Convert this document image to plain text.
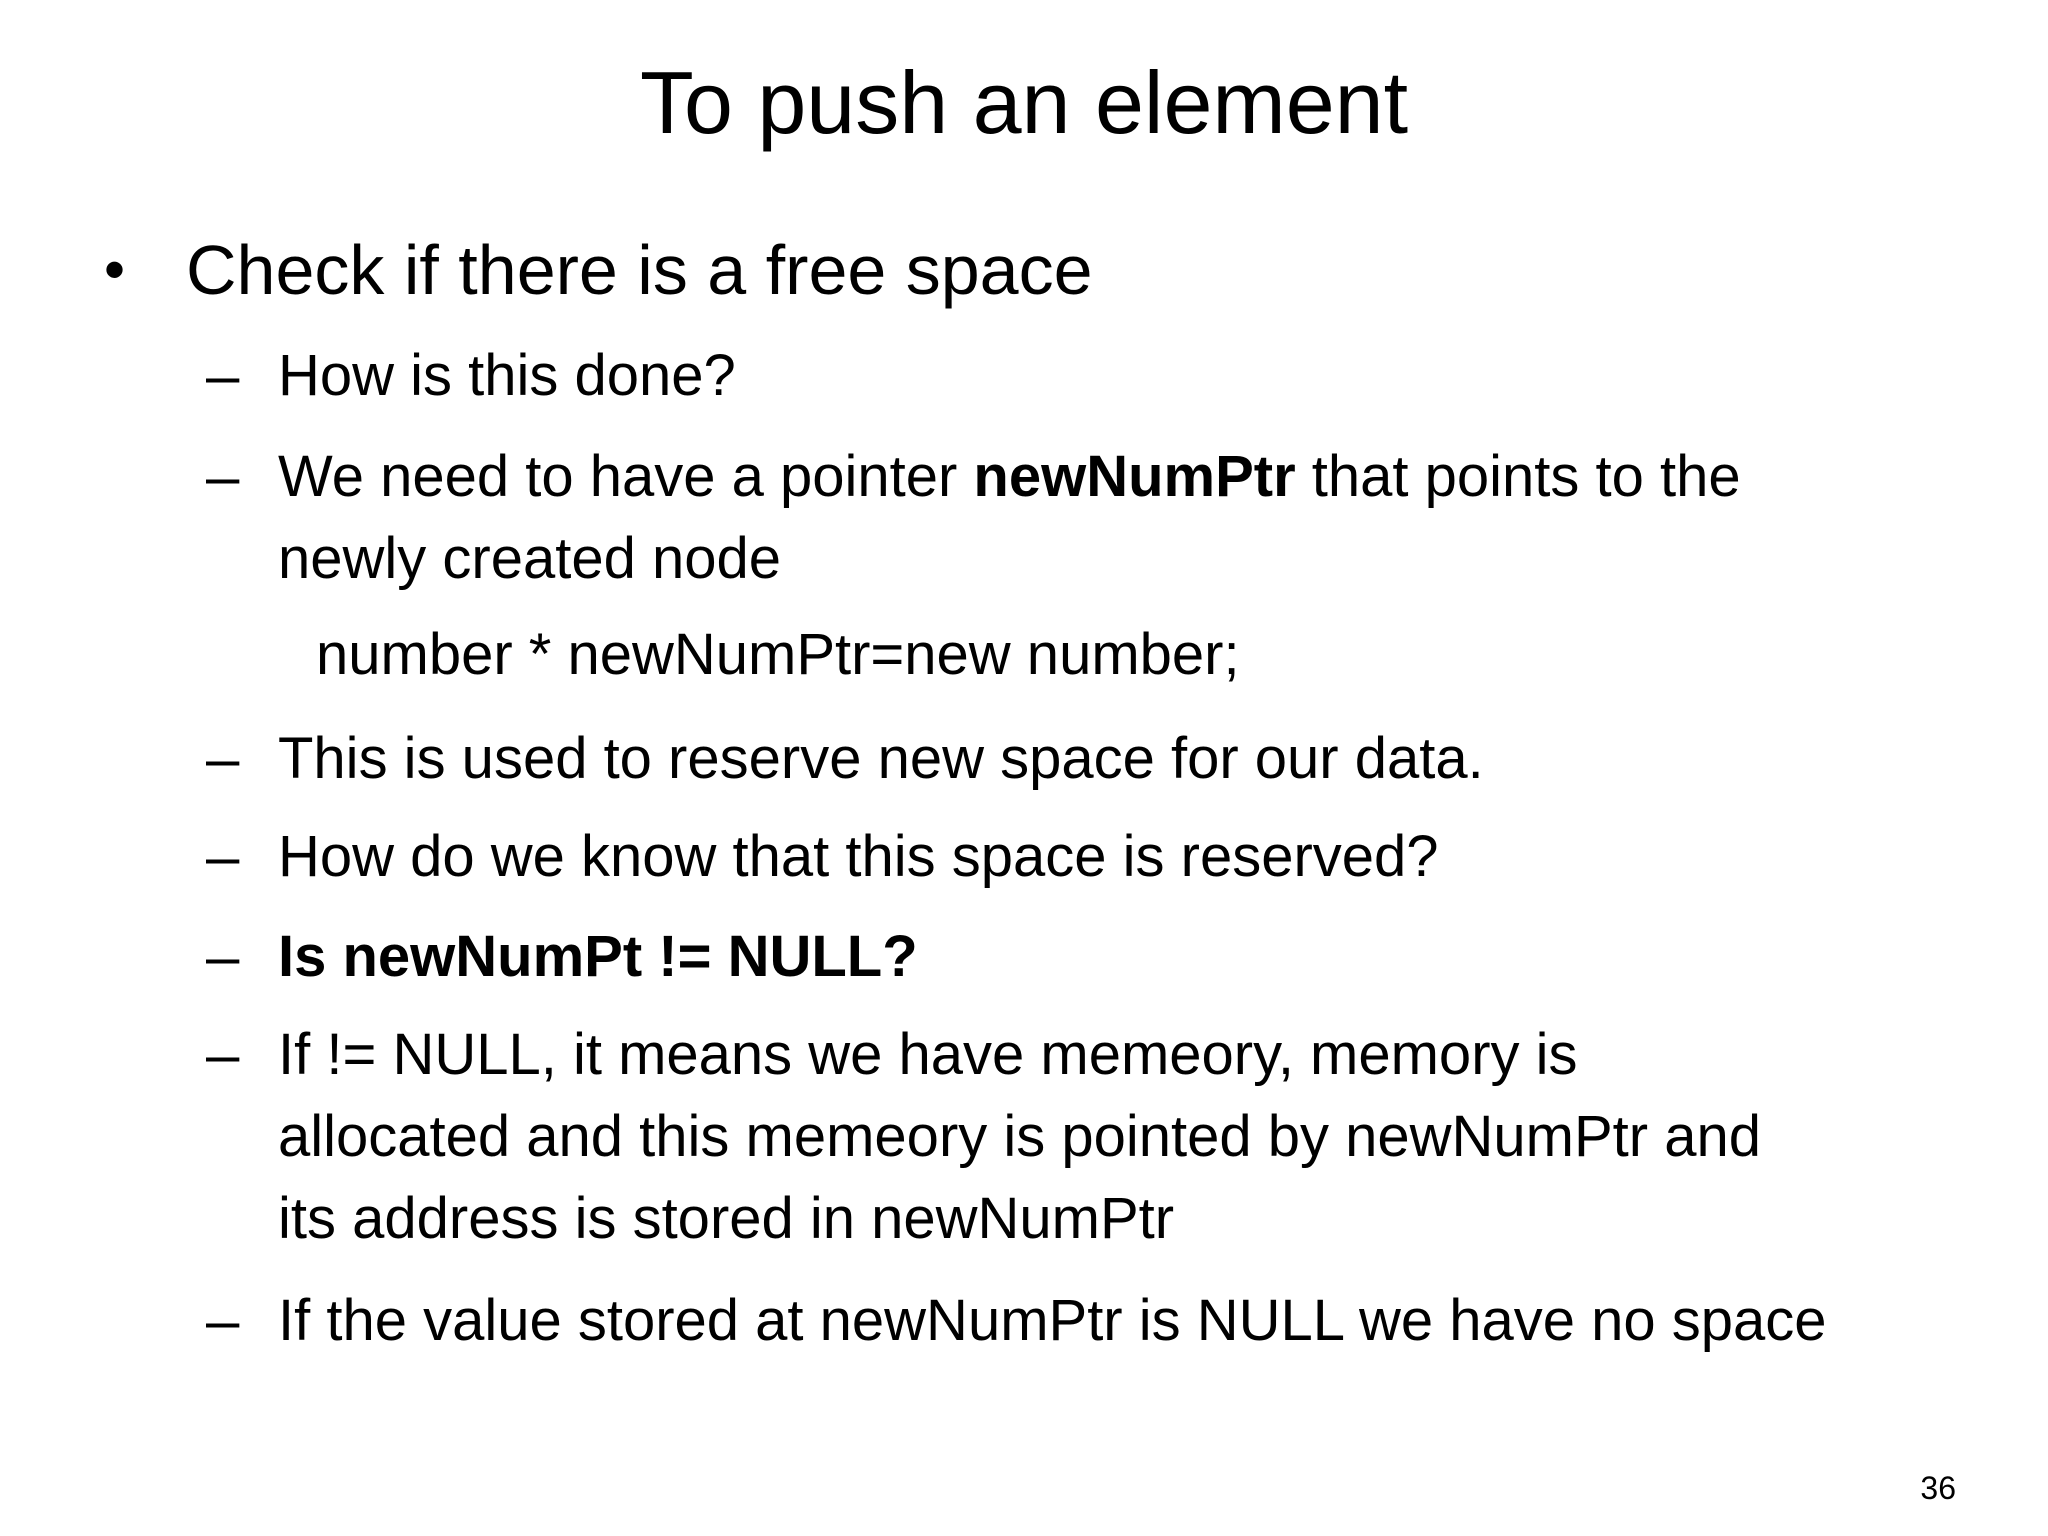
To push an element
• Check if there is a free space
– How is this done?
– We need to have a pointer newNumPtr that points to the
newly created node
number * newNumPtr=new number;
– This is used to reserve new space for our data.
– How do we know that this space is reserved?
– Is newNumPt != NULL?
– If != NULL, it means we have memeory, memory is
allocated and this memeory is pointed by newNumPtr and
its address is stored in newNumPtr
– If the value stored at newNumPtr is NULL we have no space
36
